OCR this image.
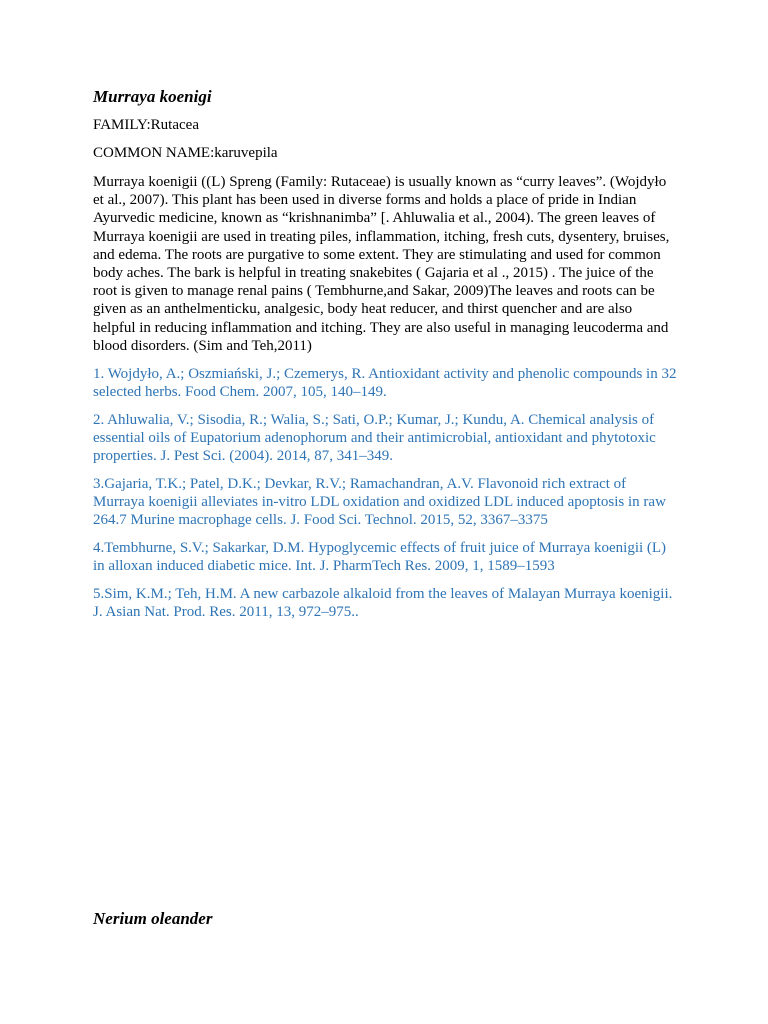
Murraya koenigi

FAMILY:Rutacea

COMMON NAME:karuvepila

Murraya koenigii ((L) Spreng (Family: Rutaceae) is usually known as “curry leaves”. (Wojdyło et al., 2007). This plant has been used in diverse forms and holds a place of pride in Indian Ayurvedic medicine, known as “krishnanimba” [. Ahluwalia et al., 2004). The green leaves of Murraya koenigii are used in treating piles, inflammation, itching, fresh cuts, dysentery, bruises, and edema. The roots are purgative to some extent. They are stimulating and used for common body aches. The bark is helpful in treating snakebites ( Gajaria et al ., 2015) . The juice of the root is given to manage renal pains ( Tembhurne,and Sakar, 2009)The leaves and roots can be given as an anthelmenticku, analgesic, body heat reducer, and thirst quencher and are also helpful in reducing inflammation and itching. They are also useful in managing leucoderma and blood disorders. (Sim and Teh,2011)

1. Wojdyło, A.; Oszmiański, J.; Czemerys, R. Antioxidant activity and phenolic compounds in 32 selected herbs. Food Chem. 2007, 105, 140–149.
2. Ahluwalia, V.; Sisodia, R.; Walia, S.; Sati, O.P.; Kumar, J.; Kundu, A. Chemical analysis of essential oils of Eupatorium adenophorum and their antimicrobial, antioxidant and phytotoxic properties. J. Pest Sci. (2004). 2014, 87, 341–349.
3.Gajaria, T.K.; Patel, D.K.; Devkar, R.V.; Ramachandran, A.V. Flavonoid rich extract of Murraya koenigii alleviates in-vitro LDL oxidation and oxidized LDL induced apoptosis in raw 264.7 Murine macrophage cells. J. Food Sci. Technol. 2015, 52, 3367–3375
4.Tembhurne, S.V.; Sakarkar, D.M. Hypoglycemic effects of fruit juice of Murraya koenigii (L) in alloxan induced diabetic mice. Int. J. PharmTech Res. 2009, 1, 1589–1593
5.Sim, K.M.; Teh, H.M. A new carbazole alkaloid from the leaves of Malayan Murraya koenigii. J. Asian Nat. Prod. Res. 2011, 13, 972–975..
Nerium oleander
